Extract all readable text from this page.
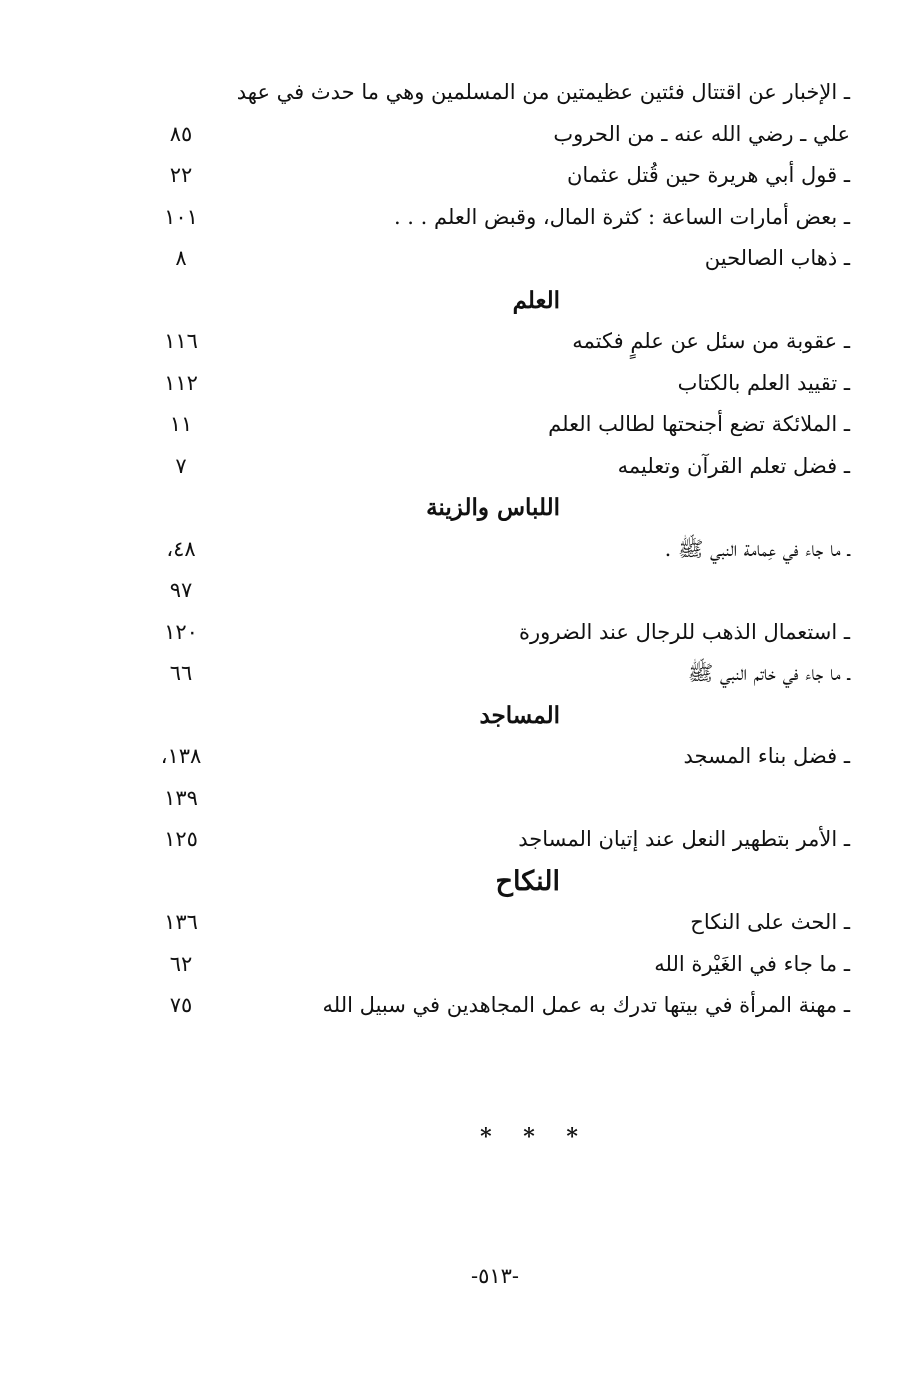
ـ الإخبار عن اقتتال فئتين عظيمتين من المسلمين وهي ما حدث في عهد
علي ـ رضي الله عنه ـ من الحروب
٨٥
ـ قول أبي هريرة حين قُتل عثمان
٢٢
ـ بعض أمارات الساعة : كثرة المال، وقبض العلم . . .
١٠١
ـ ذهاب الصالحين
٨
العلم
ـ عقوبة من سئل عن علمٍ فكتمه
١١٦
ـ تقييد العلم بالكتاب
١١٢
ـ الملائكة تضع أجنحتها لطالب العلم
١١
ـ فضل تعلم القرآن وتعليمه
٧
اللباس والزينة
ـ ما جاء في عِمامة النبي ﷺ .
٤٨،
٩٧
ـ استعمال الذهب للرجال عند الضرورة
١٢٠
ـ ما جاء في خاتم النبي ﷺ
٦٦
المساجد
ـ فضل بناء المسجد
١٣٨،
١٣٩
ـ الأمر بتطهير النعل عند إتيان المساجد
١٢٥
النكاح
ـ الحث على النكاح
١٣٦
ـ ما جاء في الغَيْرة الله
٦٢
ـ مهنة المرأة في بيتها تدرك به عمل المجاهدين في سبيل الله
٧٥
* * *
-٥١٣-
